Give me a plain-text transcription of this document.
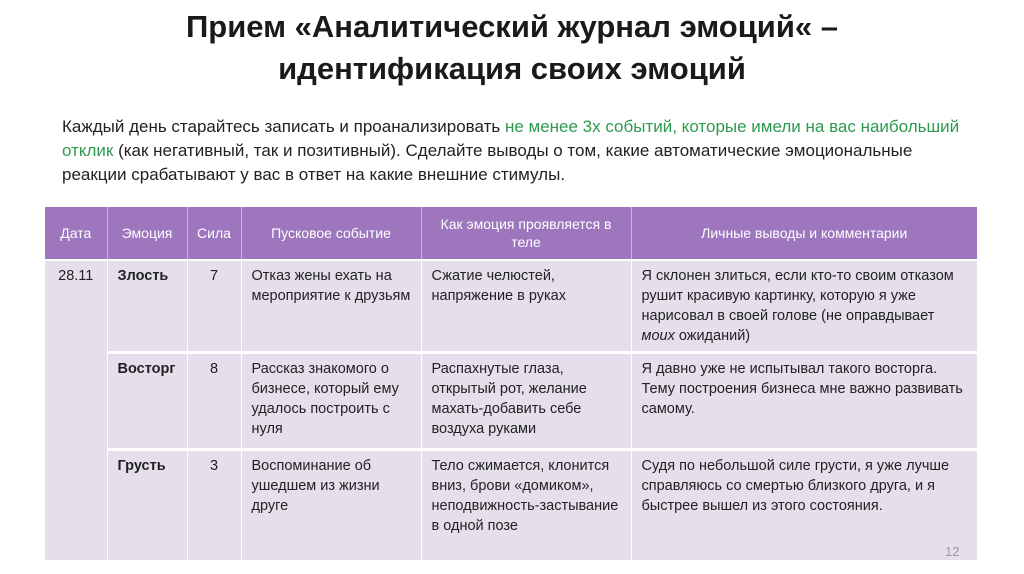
Прием «Аналитический журнал эмоций« –
идентификация своих эмоций
Каждый день старайтесь записать и проанализировать не менее 3х событий, которые имели на вас наибольший отклик (как негативный, так и позитивный). Сделайте выводы о том, какие автоматические эмоциональные реакции срабатывают у вас в ответ на какие внешние стимулы.
Дата	Эмоция	Сила	Пусковое событие	Как эмоция проявляется в теле	Личные выводы и комментарии
28.11	Злость	7	Отказ жены ехать на мероприятие к друзьям	Сжатие челюстей, напряжение в руках	Я склонен злиться, если кто-то своим отказом рушит красивую картинку, которую я уже нарисовал в своей голове (не оправдывает моих ожиданий)
	Восторг	8	Рассказ знакомого о бизнесе, который ему удалось построить с нуля	Распахнутые глаза, открытый рот, желание махать-добавить себе воздуха руками	Я давно уже не испытывал такого восторга. Тему построения бизнеса мне важно развивать самому.
	Грусть	3	Воспоминание об ушедшем из жизни друге	Тело сжимается, клонится вниз, брови «домиком», неподвижность-застывание в одной позе	Судя по небольшой силе грусти, я уже лучше справляюсь со смертью близкого друга, и я быстрее вышел из этого состояния.
12
